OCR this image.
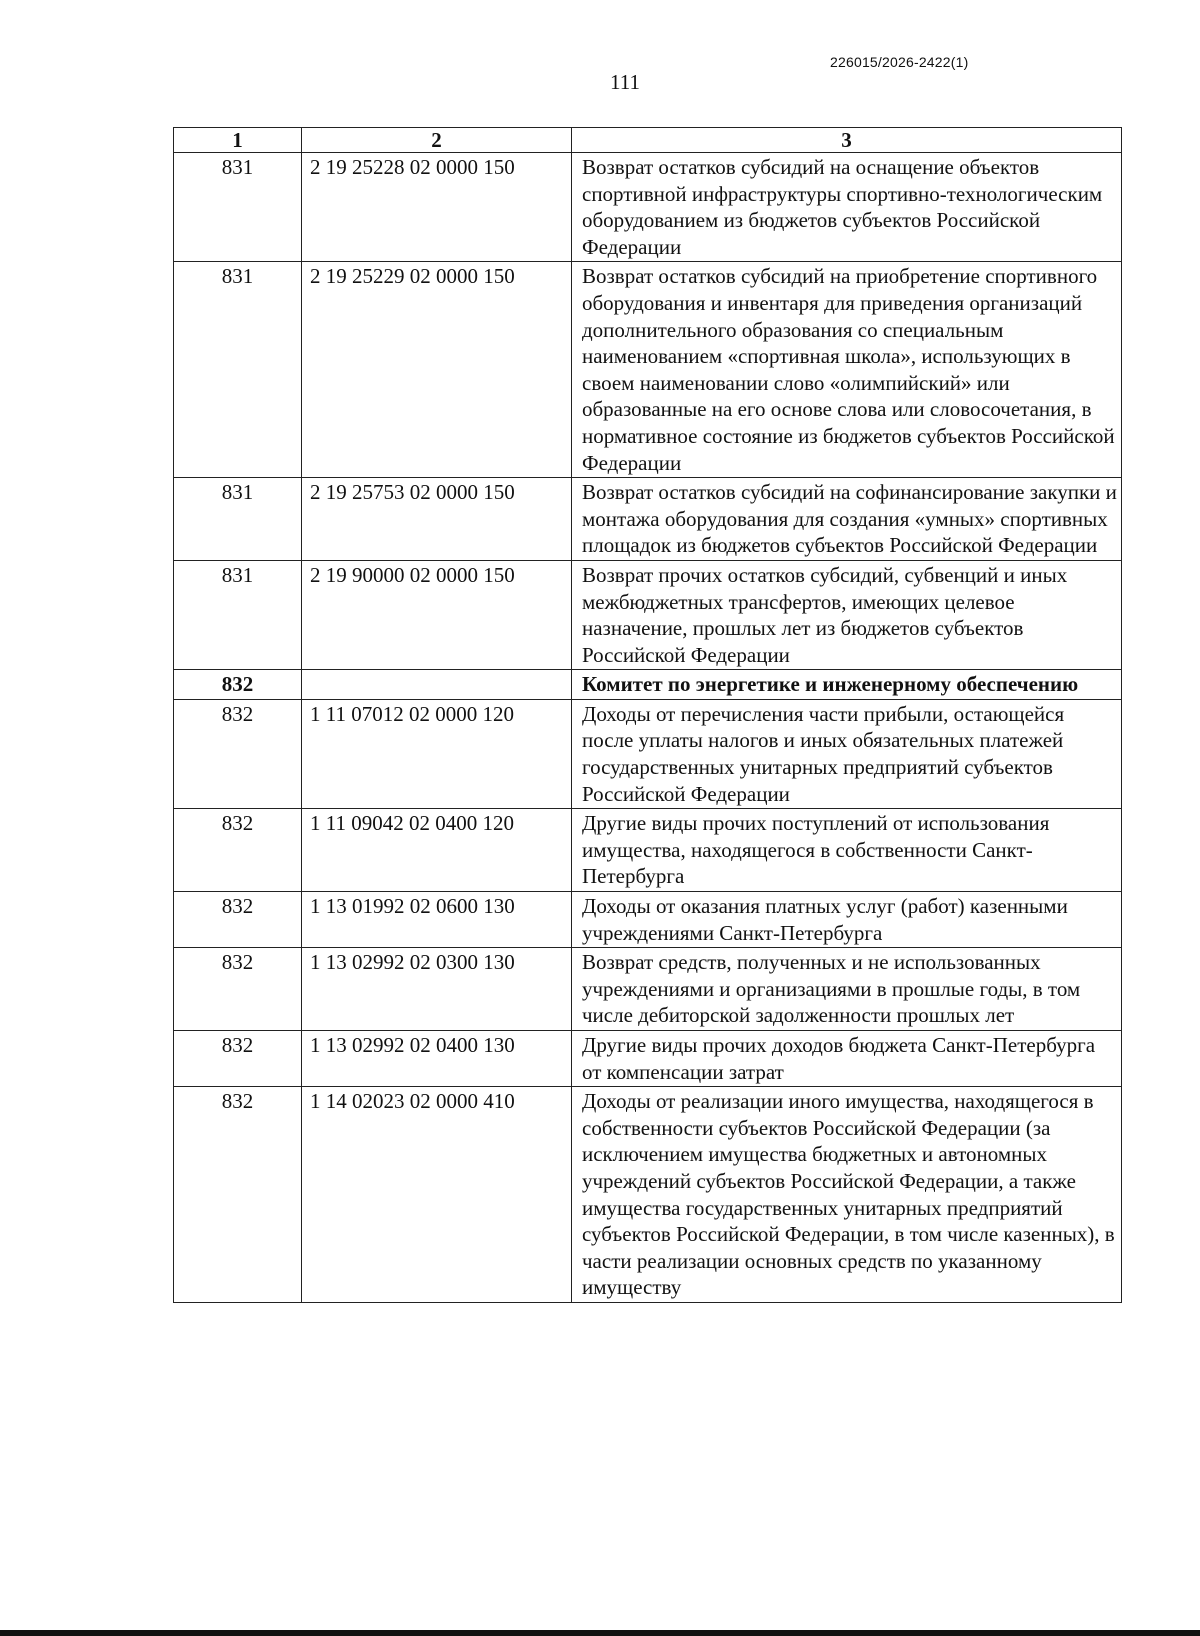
226015/2026-2422(1)
111
1	2	3
831	2 19 25228 02 0000 150	Возврат остатков субсидий на оснащение объектов спортивной инфраструктуры спортивно-технологическим оборудованием из бюджетов субъектов Российской Федерации
831	2 19 25229 02 0000 150	Возврат остатков субсидий на приобретение спортивного оборудования и инвентаря для приведения организаций дополнительного образования со специальным наименованием «спортивная школа», использующих в своем наименовании слово «олимпийский» или образованные на его основе слова или словосочетания, в нормативное состояние из бюджетов субъектов Российской Федерации
831	2 19 25753 02 0000 150	Возврат остатков субсидий на софинансирование закупки и монтажа оборудования для создания «умных» спортивных площадок из бюджетов субъектов Российской Федерации
831	2 19 90000 02 0000 150	Возврат прочих остатков субсидий, субвенций и иных межбюджетных трансфертов, имеющих целевое назначение, прошлых лет из бюджетов субъектов Российской Федерации
832		Комитет по энергетике и инженерному обеспечению
832	1 11 07012 02 0000 120	Доходы от перечисления части прибыли, остающейся после уплаты налогов и иных обязательных платежей государственных унитарных предприятий субъектов Российской Федерации
832	1 11 09042 02 0400 120	Другие виды прочих поступлений от использования имущества, находящегося в собственности Санкт-Петербурга
832	1 13 01992 02 0600 130	Доходы от оказания платных услуг (работ) казенными учреждениями Санкт-Петербурга
832	1 13 02992 02 0300 130	Возврат средств, полученных и не использованных учреждениями и организациями в прошлые годы, в том числе дебиторской задолженности прошлых лет
832	1 13 02992 02 0400 130	Другие виды прочих доходов бюджета Санкт-Петербурга от компенсации затрат
832	1 14 02023 02 0000 410	Доходы от реализации иного имущества, находящегося в собственности субъектов Российской Федерации (за исключением имущества бюджетных и автономных учреждений субъектов Российской Федерации, а также имущества государственных унитарных предприятий субъектов Российской Федерации, в том числе казенных), в части реализации основных средств по указанному имуществу
